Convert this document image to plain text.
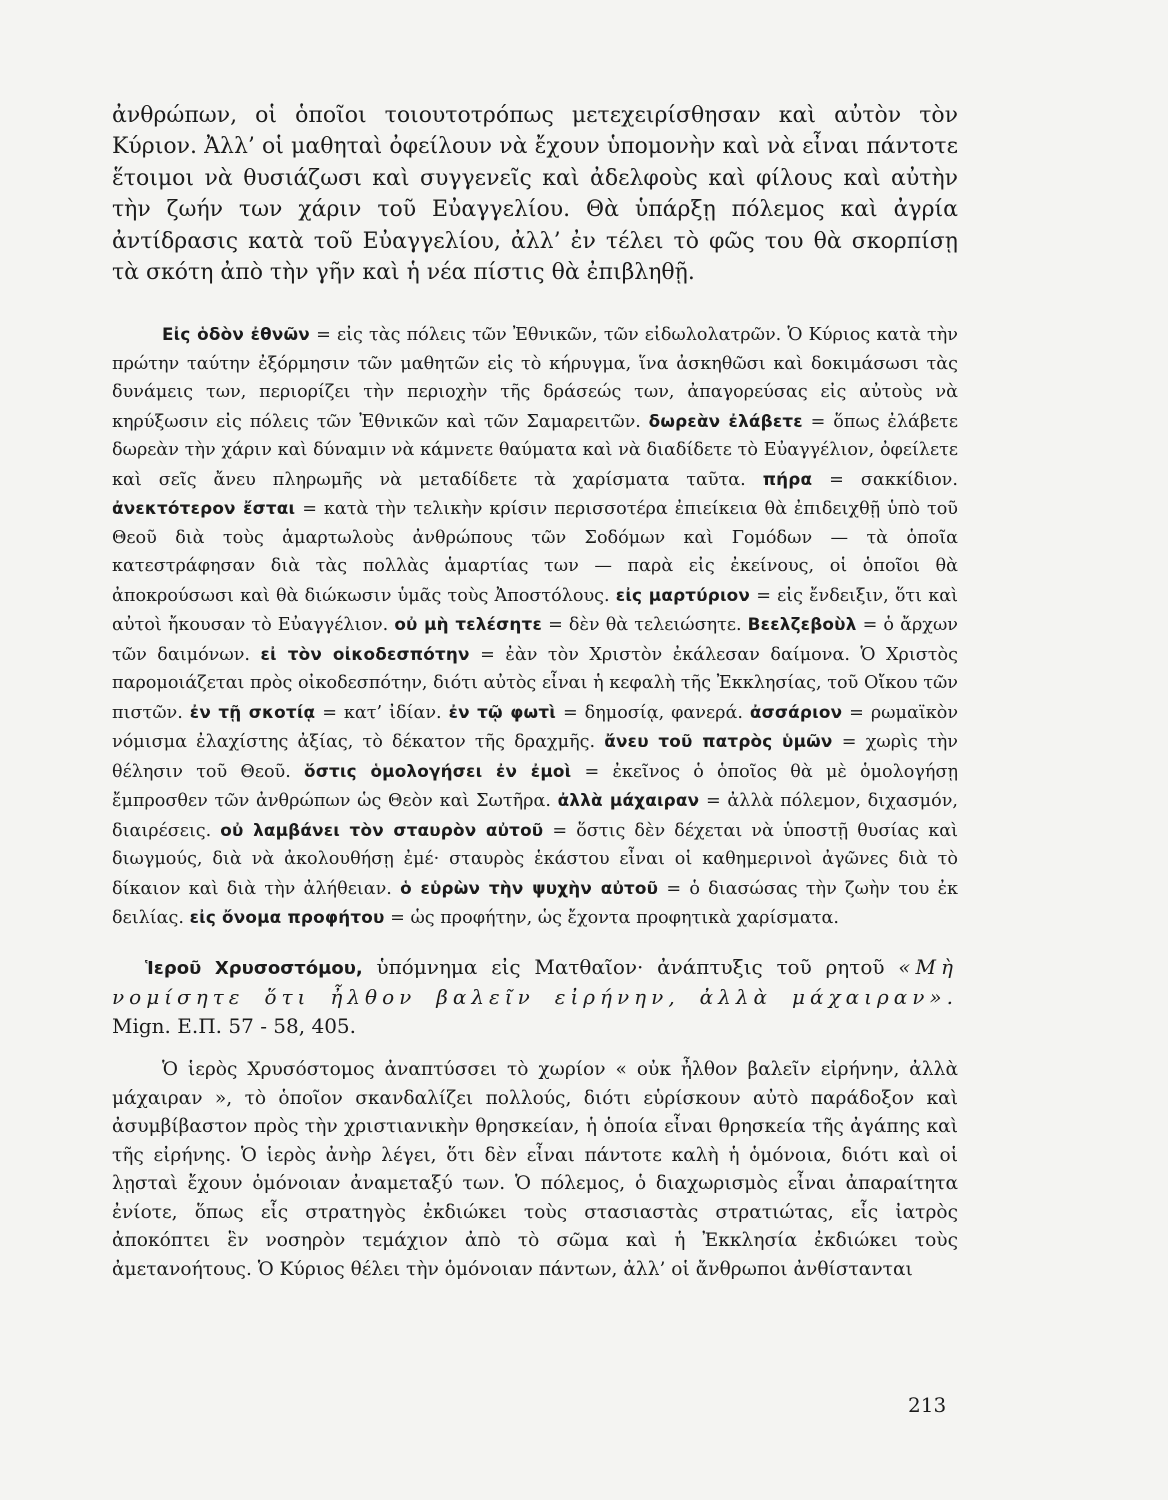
ἀνθρώπων, οἱ ὁποῖοι τοιουτοτρόπως μετεχειρίσθησαν καὶ αὐτὸν τὸν Κύριον. Ἀλλ’ οἱ μαθηταὶ ὀφείλουν νὰ ἔχουν ὑπομονὴν καὶ νὰ εἶναι πάντοτε ἕτοιμοι νὰ θυσιάζωσι καὶ συγγενεῖς καὶ ἀδελφοὺς καὶ φίλους καὶ αὐτὴν τὴν ζωήν των χάριν τοῦ Εὐαγγελίου. Θὰ ὑπάρξῃ πόλεμος καὶ ἀγρία ἀντίδρασις κατὰ τοῦ Εὐαγγελίου, ἀλλ’ ἐν τέλει τὸ φῶς του θὰ σκορπίσῃ τὰ σκότη ἀπὸ τὴν γῆν καὶ ἡ νέα πίστις θὰ ἐπιβληθῇ.

Εἰς ὁδὸν ἐθνῶν = εἰς τὰς πόλεις τῶν Ἐθνικῶν, τῶν εἰδωλολατρῶν. Ὁ Κύριος κατὰ τὴν πρώτην ταύτην ἐξόρμησιν τῶν μαθητῶν εἰς τὸ κήρυγμα, ἵνα ἀσκηθῶσι καὶ δοκιμάσωσι τὰς δυνάμεις των, περιορίζει τὴν περιοχὴν τῆς δράσεώς των, ἀπαγορεύσας εἰς αὐτοὺς νὰ κηρύξωσιν εἰς πόλεις τῶν Ἐθνικῶν καὶ τῶν Σαμαρειτῶν. δωρεὰν ἐλάβετε = ὅπως ἐλάβετε δωρεὰν τὴν χάριν καὶ δύναμιν νὰ κάμνετε θαύματα καὶ νὰ διαδίδετε τὸ Εὐαγγέλιον, ὀφείλετε καὶ σεῖς ἄνευ πληρωμῆς νὰ μεταδίδετε τὰ χαρίσματα ταῦτα. πήρα = σακκίδιον. ἀνεκτότερον ἔσται = κατὰ τὴν τελικὴν κρίσιν περισσοτέρα ἐπιείκεια θὰ ἐπιδειχθῇ ὑπὸ τοῦ Θεοῦ διὰ τοὺς ἁμαρτωλοὺς ἀνθρώπους τῶν Σοδόμων καὶ Γομόδων — τὰ ὁποῖα κατεστράφησαν διὰ τὰς πολλὰς ἁμαρτίας των — παρὰ εἰς ἐκείνους, οἱ ὁποῖοι θὰ ἀποκρούσωσι καὶ θὰ διώκωσιν ὑμᾶς τοὺς Ἀποστόλους. εἰς μαρτύριον = εἰς ἔνδειξιν, ὅτι καὶ αὐτοὶ ἤκουσαν τὸ Εὐαγγέλιον. οὐ μὴ τελέσητε = δὲν θὰ τελειώσητε. Βεελζεβοὺλ = ὁ ἄρχων τῶν δαιμόνων. εἰ τὸν οἰκοδεσπότην = ἐὰν τὸν Χριστὸν ἐκάλεσαν δαίμονα. Ὁ Χριστὸς παρομοιάζεται πρὸς οἰκοδεσπότην, διότι αὐτὸς εἶναι ἡ κεφαλὴ τῆς Ἐκκλησίας, τοῦ Οἴκου τῶν πιστῶν. ἐν τῇ σκοτίᾳ = κατ’ ἰδίαν. ἐν τῷ φωτὶ = δημοσίᾳ, φανερά. ἀσσάριον = ρωμαϊκὸν νόμισμα ἐλαχίστης ἀξίας, τὸ δέκατον τῆς δραχμῆς. ἄνευ τοῦ πατρὸς ὑμῶν = χωρὶς τὴν θέλησιν τοῦ Θεοῦ. ὅστις ὁμολογήσει ἐν ἐμοὶ = ἐκεῖνος ὁ ὁποῖος θὰ μὲ ὁμολογήσῃ ἔμπροσθεν τῶν ἀνθρώπων ὡς Θεὸν καὶ Σωτῆρα. ἀλλὰ μάχαιραν = ἀλλὰ πόλεμον, διχασμόν, διαιρέσεις. οὐ λαμβάνει τὸν σταυρὸν αὐτοῦ = ὅστις δὲν δέχεται νὰ ὑποστῇ θυσίας καὶ διωγμούς, διὰ νὰ ἀκολουθήσῃ ἐμέ· σταυρὸς ἑκάστου εἶναι οἱ καθημερινοὶ ἀγῶνες διὰ τὸ δίκαιον καὶ διὰ τὴν ἀλήθειαν. ὁ εὑρὼν τὴν ψυχὴν αὐτοῦ = ὁ διασώσας τὴν ζωὴν του ἐκ δειλίας. εἰς ὄνομα προφήτου = ὡς προφήτην, ὡς ἔχοντα προφητικὰ χαρίσματα.

Ἱεροῦ Χρυσοστόμου, ὑπόμνημα εἰς Ματθαῖον· ἀνάπτυξις τοῦ ρητοῦ «Μὴ νομίσητε ὅτι ἦλθον βαλεῖν εἰρήνην, ἀλλὰ μάχαιραν». Mign. Ε.Π. 57 - 58, 405.

Ὁ ἱερὸς Χρυσόστομος ἀναπτύσσει τὸ χωρίον « οὐκ ἦλθον βαλεῖν εἰρήνην, ἀλλὰ μάχαιραν », τὸ ὁποῖον σκανδαλίζει πολλούς, διότι εὑρίσκουν αὐτὸ παράδοξον καὶ ἀσυμβίβαστον πρὸς τὴν χριστιανικὴν θρησκείαν, ἡ ὁποία εἶναι θρησκεία τῆς ἀγάπης καὶ τῆς εἰρήνης. Ὁ ἱερὸς ἀνὴρ λέγει, ὅτι δὲν εἶναι πάντοτε καλὴ ἡ ὁμόνοια, διότι καὶ οἱ λῃσταὶ ἔχουν ὁμόνοιαν ἀναμεταξύ των. Ὁ πόλεμος, ὁ διαχωρισμὸς εἶναι ἀπαραίτητα ἐνίοτε, ὅπως εἷς στρατηγὸς ἐκδιώκει τοὺς στασιαστὰς στρατιώτας, εἷς ἰατρὸς ἀποκόπτει ἓν νοσηρὸν τεμάχιον ἀπὸ τὸ σῶμα καὶ ἡ Ἐκκλησία ἐκδιώκει τοὺς ἀμετανοήτους. Ὁ Κύριος θέλει τὴν ὁμόνοιαν πάντων, ἀλλ’ οἱ ἄνθρωποι ἀνθίστανται

213
